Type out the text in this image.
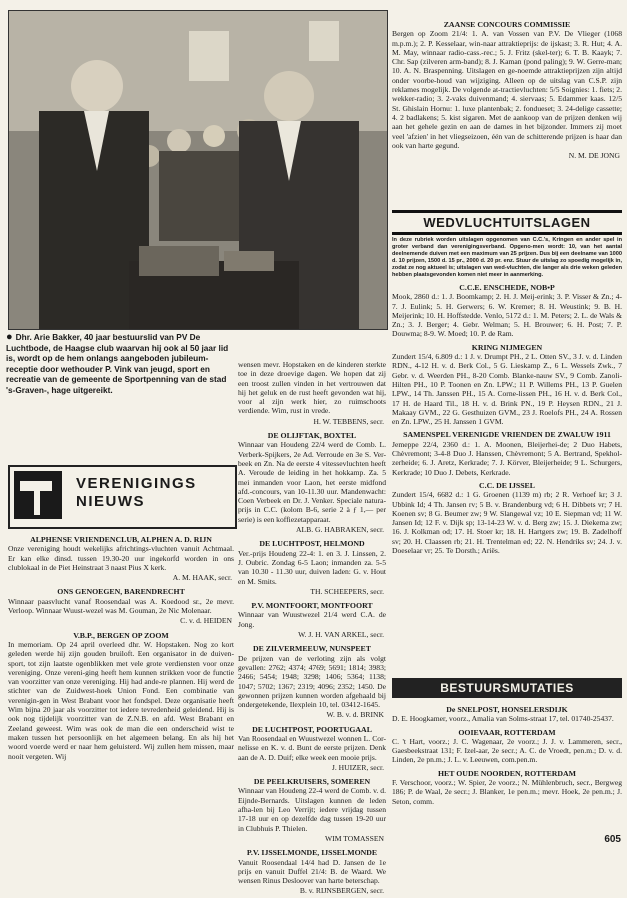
● Dhr. Arie Bakker, 40 jaar bestuurslid van PV De Luchtbode, de Haagse club waarvan hij ook al 50 jaar lid is, wordt op de hem onlangs aangeboden jubileum-receptie door wethouder P. Vink van jeugd, sport en recreatie van de gemeente de Sportpenning van de stad 's-Graven-, hage uitgereikt.
VERENIGINGS
NIEUWS
ALPHENSE VRIENDENCLUB, ALPHEN A. D. RIJN

Onze vereniging houdt wekelijks africhtings-vluchten vanuit Achtmaal. Er kan elke dinsd. tussen 19.30-20 uur ingekorfd worden in ons clublokaal in de Piet Heinstraat 3 naast Pius X kerk.

A. M. HAAK, secr.
ONS GENOEGEN, BARENDRECHT

Winnaar paasvlucht vanaf Roosendaal was A. Koedood sr., 2e mevr. Verloop. Winnaar Wuust-wezel was M. Gouman, 2e Nic Molenaar.

C. v. d. HEIDEN
V.B.P., BERGEN OP ZOOM

In memoriam. Op 24 april overleed dhr. W. Hopstaken. Nog zo kort geleden werde hij zijn gouden bruiloft. Een organisator in de duiven-sport, tot zijn laatste ogenblikken met vele grote verdiensten voor onze vereniging. Onze vereni-ging heeft hem kunnen strikken voor de functie van voorzitter van onze vereniging. Hij had ande-re plannen. Hij werd de stichter van de Zuidwest-hoek Union Fond. Een combinatie van verenigin-gen in West Brabant voor het fondspel. Deze organisatie heeft Wim bijna 20 jaar als voorzitter tot iedere tevredenheid geleidend. Hij is ook nog tijdelijk voorzitter van de Z.N.B. en afd. West Brabant en Zeeland geweest. Wim was ook de man die een onderscheid wist te maken tussen het persoonlijk en het algemeen belang. En als hij het woord voerde werd er naar hem geluisterd. Wij zullen hem missen, maar nooit vergeten. Wij

wensen mevr. Hopstaken en de kinderen sterkte toe in deze droevige dagen. We hopen dat zij een troost zullen vinden in het vertrouwen dat hij het geluk en de rust heeft gevonden wat hij, voor al zijn werk hier, zo ruimschoots verdiende. Wim, rust in vrede.

H. W. TEBBENS, secr.
DE OLIJFTAK, BOXTEL

Winnaar van Houdeng 22/4 werd de Comb. L. Verberk-Spijkers, 2e Ad. Verroude en 3e S. Ver-beek en Zn. Na de eerste 4 vitessevluchten heeft A. Veroude de leiding in het hokkamp. Za. 5 mei inmanden voor Laon, het eerste midfond afd.-concours, van 10-11.30 uur. Mandenwacht: Coen Verbeek en Dr. J. Venker. Speciale natura-prijs in C.C. (kolom B-6, serie 2 à ƒ 1,— per serie) is een koffiezetapparaat.

ALB. G. HABRAKEN, secr.
DE LUCHTPOST, HELMOND

Ver.-prijs Houdeng 22-4: 1. en 3. J. Linssen, 2. J. Oubric. Zondag 6-5 Laon; inmanden za. 5-5 van 10.30 - 11.30 uur, duiven laden: G. v. Hout en M. Smits.

TH. SCHEEPERS, secr.
P.V. MONTFOORT, MONTFOORT

Winnaar van Wuustwezel 21/4 werd C.A. de Jong.

W. J. H. VAN ARKEL, secr.
DE ZILVERMEEUW, NUNSPEET

De prijzen van de verloting zijn als volgt gevallen: 2762; 4374; 4769; 5691; 1814; 3983; 2466; 5454; 1948; 3298; 1406; 5364; 1138; 1047; 5702; 1367; 2319; 4096; 2352; 1450. De gewonnen prijzen kunnen worden afgehaald bij ondergetekende, Ilexplein 10, tel. 03412-1645.

W. B. v. d. BRINK
DE LUCHTPOST, POORTUGAAL

Van Roosendaal en Wuustwezel wonnen L. Cor-nelisse en K. v. d. Bunt de eerste prijzen. Denk aan de A. D. Duif; elke week een mooie prijs.

J. HUIZER, secr.
DE PEELKRUISERS, SOMEREN

Winnaar van Houdeng 22-4 werd de Comb. v. d. Eijnde-Bernards. Uitslagen kunnen de leden afha-len bij Leo Verrijt; iedere vrijdag tussen 17-18 uur en op dezelfde dag tussen 19-20 uur in Clubhuis P. Thielen.

WIM TOMASSEN
P.V. IJSSELMONDE, IJSSELMONDE

Vanuit Roosendaal 14/4 had D. Jansen de 1e prijs en vanuit Duffel 21/4: B. de Waard. We wensen Rinus Desloover van harte beterschap.

B. v. RIJNSBERGEN, secr.
ZAANSE CONCOURS COMMISSIE

Bergen op Zoom 21/4: 1. A. van Vossen van P.V. De Vlieger (1068 m.p.m.); 2. P. Kesselaar, win-naar attraktieprijs: de ijskast; 3. R. Hut; 4. A. M. May, winnaar radio-cass.-rec.; 5. J. Fritz (skel-ter); 6. T. B. Kaayk; 7. Chr. Sap (zilveren arm-band); 8. J. Kaman (pond paling); 9. W. Gerre-man; 10. A. N. Braspenning. Uitslagen en ge-noemde attraktieprijzen zijn altijd onder voorbe-houd van wijziging. Alleen op de uitslag van C.S.P. zijn reklames mogelijk. De volgende at-tractievluchten: 5/5 Soignies: 1. fiets; 2. wekker-radio; 3. 2-vaks duivenmand; 4. siervaas; 5. Edammer kaas. 12/5 St. Ghislain Hornu: 1. luxe plantenbak; 2. fondueset; 3. 24-delige cassette; 4. 2 badlakens; 5. kist sigaren. Met de aankoop van de prijzen denken wij aan het gehele gezin en aan de dames in het bijzonder. Immers zij moet veel 'afzien' in het vliegseizoen, één van de schitterende prijzen is haar dan ook van harte gegund.

N. M. DE JONG
WEDVLUCHTUITSLAGEN
In deze rubriek worden uitslagen opgenomen van C.C.'s, Kringen en ander spel in groter verband dan verenigingsverband. Opgeno-men wordt: 10, van het aantal deelnemende duiven met een maximum van 25 prijzen. Dus bij een deelname van 1000 d. 10 prijzen, 1500 d. 15 pr., 2000 d. 20 pr. enz. Stuur de uitslag zo spoedig mogelijk in, zodat ze nog aktueel is; uitslagen van wed-vluchten, die langer als drie weken geleden hebben plaatsgevonden komen niet meer in aanmerking.
C.C.E. ENSCHEDE, NOB•P

Mook, 2860 d.: 1. J. Boomkamp; 2. H. J. Meij-erink; 3. P. Visser & Zn.; 4-7. J. Eulink; 5. H. Gerwers; 6. W. Kremer; 8. H. Weustink; 9. B. H. Meijerink; 10. H. Hoffstedde. Venlo, 5172 d.: 1. M. Peters; 2. L. de Wals & Zn.; 3. J. Berger; 4. Gebr. Welman; 5. H. Brouwer; 6. H. Post; 7. P. Douwma; 8-9. W. Moed; 10. P. de Ram.

KRING NIJMEGEN

Zundert 15/4, 6.809 d.: 1 J. v. Drumpt PH., 2 L. Otten SV., 3 J. v. d. Linden RDN., 4-12 H. v. d. Berk Col., 5 G. Lieskamp Z., 6 L. Wessels Zwk., 7 Gebr. v. d. Weerden PH., 8-20 Comb. Blanke-nauw SV., 9 Comb. Zanoli-Hilten PH., 10 P. Toonen en Zn. LPW.; 11 P. Willems PH., 13 P. Guelen LPW., 14 Th. Janssen PH., 15 A. Corne-lissen PH., 16 H. v. d. Berk Col., 17 H. de Haard Til., 18 H. v. d. Brink PN., 19 P. Heysen RDN., 21 J. Makaay GVM., 22 G. Gesthuizen GVM., 23 J. Roelofs PH., 24 A. Rossen en Zn. LPW., 25 H. Janssen 1 GVM.

SAMENSPEL VERENIGDE VRIENDEN DE ZWALUW 1911

Jemeppe 22/4, 2360 d.: 1. A. Moonen, Bleijerhei-de; 2 Duo Habets, Chèvremont; 3-4-8 Duo J. Hanssen, Chèvremont; 5 A. Bertrand, Spekhol-zerheide; 6. J. Aretz, Kerkrade; 7. J. Körver, Bleijerheide; 9 L. Schurgers, Kerkrade; 10 Duo J. Debets, Kerkrade.

C.C. DE IJSSEL

Zundert 15/4, 6682 d.: 1 G. Groenen (1139 m) rb; 2 R. Verhoef kr; 3 J. Ubbink Id; 4 Th. Jansen rv; 5 B. v. Brandenburg vd; 6 H. Dibbets vr; 7 H. Koenen sv; 8 G. Beumer zw; 9 W. Slangewal vz; 10 E. Siepman vd; 11 W. Jansen Id; 12 F. v. Dijk sp; 13-14-23 W. v. d. Berg zw; 15. J. Diekema zw; 16. J. Kolkman od; 17. H. Stoer kr; 18. H. Hartgers zw; 19. B. Zadelhoff sv; 20. H. Claassen rb; 21. H. Trentelman ed; 22. N. Hendriks sv; 24. J. v. Doeselaar vr; 25. Te Dorsth.; Ariës.

BESTUURSMUTATIES
De SNELPOST, HONSELERSDIJK

D. E. Hoogkamer, voorz., Amalia van Solms-straat 17, tel. 01740-25437.

OOIEVAAR, ROTTERDAM

C. 't Hart, voorz.; J. C. Wagenaar, 2e voorz.; J. J. v. Lammeren, secr., Gaesbeekstraat 131; F. Izel-aar, 2e secr.; A. C. de Vroedt, pen.m.; D. v. d. Linden, 2e pn.m.; J. L. v. Leeuwen, com.pen.m.

HET OUDE NOORDEN, ROTTERDAM

F. Verschoor, voorz.; W. Spier, 2e voorz.; N. Mühlenbruch, secr., Bergweg 186; P. de Waal, 2e secr.; J. Blanker, 1e pen.m.; mevr. Hoek, 2e pen.m.; J. Seton, comm.

605
